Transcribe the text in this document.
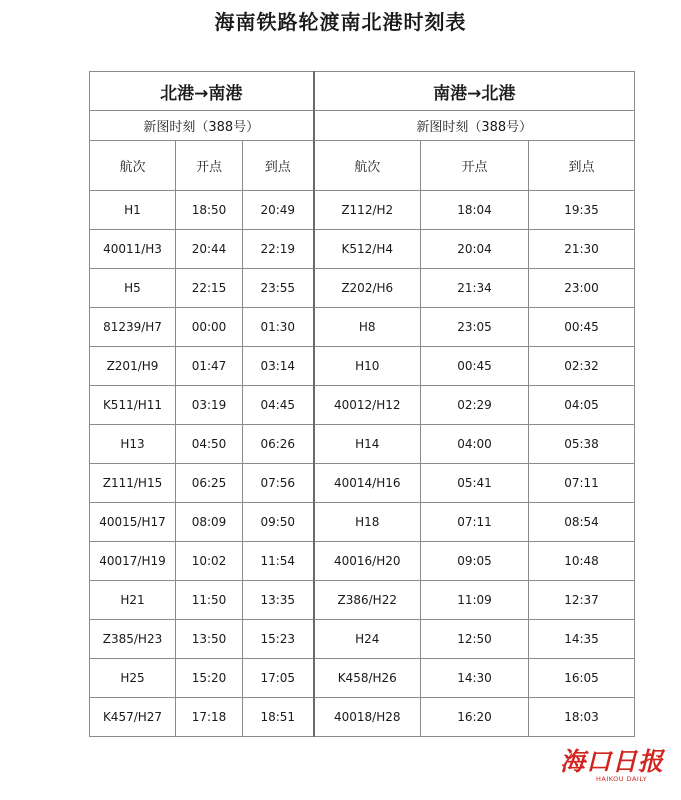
海南铁路轮渡南北港时刻表
北港→南港			南港→北港		
新图时刻（388号）			新图时刻（388号）		
航次	开点	到点	航次	开点	到点
H1	18:50	20:49	Z112/H2	18:04	19:35
40011/H3	20:44	22:19	K512/H4	20:04	21:30
H5	22:15	23:55	Z202/H6	21:34	23:00
81239/H7	00:00	01:30	H8	23:05	00:45
Z201/H9	01:47	03:14	H10	00:45	02:32
K511/H11	03:19	04:45	40012/H12	02:29	04:05
H13	04:50	06:26	H14	04:00	05:38
Z111/H15	06:25	07:56	40014/H16	05:41	07:11
40015/H17	08:09	09:50	H18	07:11	08:54
40017/H19	10:02	11:54	40016/H20	09:05	10:48
H21	11:50	13:35	Z386/H22	11:09	12:37
Z385/H23	13:50	15:23	H24	12:50	14:35
H25	15:20	17:05	K458/H26	14:30	16:05
K457/H27	17:18	18:51	40018/H28	16:20	18:03
海口日报
HAIKOU DAILY
